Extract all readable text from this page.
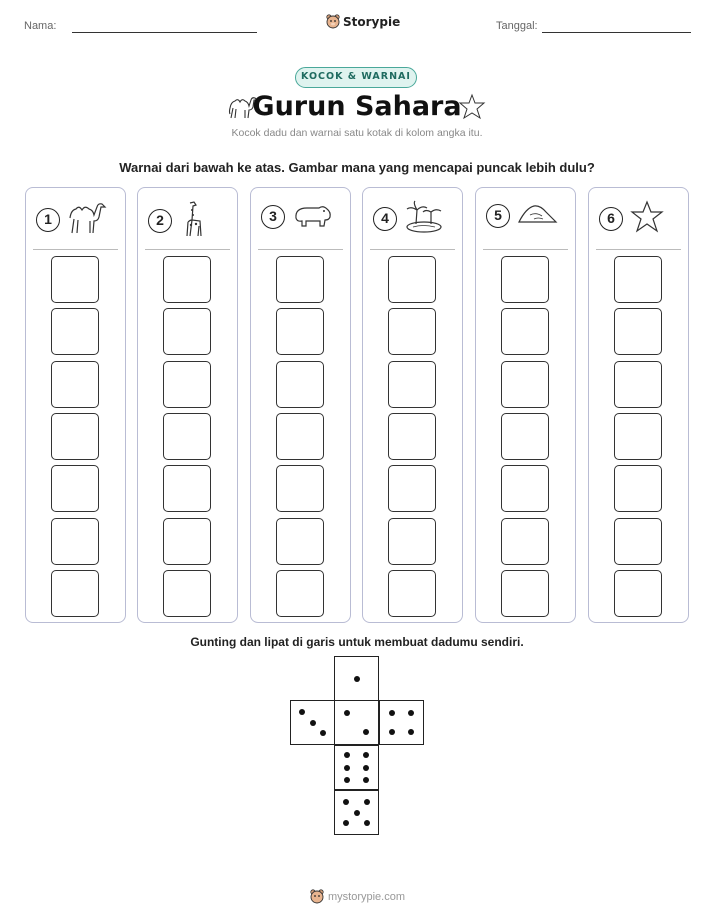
Nama:	Storypie	Tanggal:
KOCOK & WARNAI
Gurun Sahara
Kocok dadu dan warnai satu kotak di kolom angka itu.
Warnai dari bawah ke atas. Gambar mana yang mencapai puncak lebih dulu?
1	2	3	4	5	6
Gunting dan lipat di garis untuk membuat dadumu sendiri.
mystorypie.com
